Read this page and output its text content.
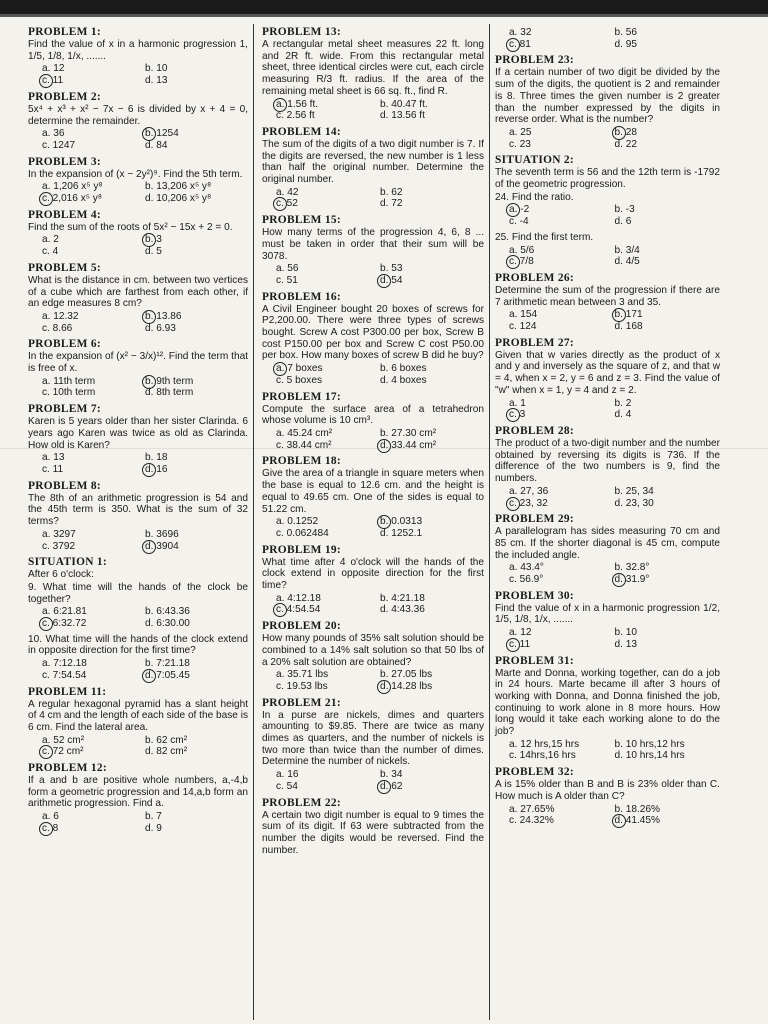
PROBLEM 1:
Find the value of x in a harmonic progression 1, 1/5, 1/8, 1/x, .......
a. 12	b. 10
c. 11	d. 13
PROBLEM 2:
5x⁴ + x³ + x² − 7x − 6 is divided by x + 4 = 0, determine the remainder.
a. 36	b. 1254
c. 1247	d. 84
PROBLEM 3:
In the expansion of (x − 2y²)⁹. Find the 5th term.
a. 1,206 x⁵ y⁸	b. 13,206 x⁵ y⁸
c. 2,016 x⁵ y⁸	d. 10,206 x⁵ y⁸
PROBLEM 4:
Find the sum of the roots of 5x² − 15x + 2 = 0.
a. 2	b. 3
c. 4	d. 5
PROBLEM 5:
What is the distance in cm. between two vertices of a cube which are farthest from each other, if an edge measures 8 cm?
a. 12.32	b. 13.86
c. 8.66	d. 6.93
PROBLEM 6:
In the expansion of (x² − 3/x)¹². Find the term that is free of x.
a. 11th term	b. 9th term
c. 10th term	d. 8th term
PROBLEM 7:
Karen is 5 years older than her sister Clarinda. 6 years ago Karen was twice as old as Clarinda. How old is Karen?
a. 13	b. 18
c. 11	d. 16
PROBLEM 8:
The 8th of an arithmetic progression is 54 and the 45th term is 350. What is the sum of 32 terms?
a. 3297	b. 3696
c. 3792	d. 3904
SITUATION 1:
After 6 o'clock:
9. What time will the hands of the clock be together?
a. 6:21.81	b. 6:43.36
c. 6:32.72	d. 6:30.00
10. What time will the hands of the clock extend in opposite direction for the first time?
a. 7:12.18	b. 7:21.18
c. 7:54.54	d. 7:05.45
PROBLEM 11:
A regular hexagonal pyramid has a slant height of 4 cm and the length of each side of the base is 6 cm. Find the lateral area.
a. 52 cm²	b. 62 cm²
c. 72 cm²	d. 82 cm²
PROBLEM 12:
If a and b are positive whole numbers, a,-4,b form a geometric progression and 14,a,b form an arithmetic progression. Find a.
a. 6	b. 7
c. 8	d. 9
PROBLEM 13:
A rectangular metal sheet measures 22 ft. long and 2R ft. wide. From this rectangular metal sheet, three identical circles were cut, each circle measuring R/3 ft. radius. If the area of the remaining metal sheet is 66 sq. ft., find R.
a. 1.56 ft.	b. 40.47 ft.
c. 2.56 ft	d. 13.56 ft
PROBLEM 14:
The sum of the digits of a two digit number is 7. If the digits are reversed, the new number is 1 less than half the original number. Determine the original number.
a. 42	b. 62
c. 52	d. 72
PROBLEM 15:
How many terms of the progression 4, 6, 8 ... must be taken in order that their sum will be 3078.
a. 56	b. 53
c. 51	d. 54
PROBLEM 16:
A Civil Engineer bought 20 boxes of screws for P2,200.00. There were three types of screws bought. Screw A cost P300.00 per box, Screw B cost P150.00 per box and Screw C cost P50.00 per box. How many boxes of screw B did he buy?
a. 7 boxes	b. 6 boxes
c. 5 boxes	d. 4 boxes
PROBLEM 17:
Compute the surface area of a tetrahedron whose volume is 10 cm³.
a. 45.24 cm²	b. 27.30 cm²
c. 38.44 cm²	d. 33.44 cm²
PROBLEM 18:
Give the area of a triangle in square meters when the base is equal to 12.6 cm. and the height is equal to 49.65 cm. One of the sides is equal to 51.22 cm.
a. 0.1252	b. 0.0313
c. 0.062484	d. 1252.1
PROBLEM 19:
What time after 4 o'clock will the hands of the clock extend in opposite direction for the first time?
a. 4:12.18	b. 4:21.18
c. 4:54.54	d. 4:43.36
PROBLEM 20:
How many pounds of 35% salt solution should be combined to a 14% salt solution so that 50 lbs of a 20% salt solution are obtained?
a. 35.71 lbs	b. 27.05 lbs
c. 19.53 lbs	d. 14.28 lbs
PROBLEM 21:
In a purse are nickels, dimes and quarters amounting to $9.85. There are twice as many dimes as quarters, and the number of nickels is two more than twice than the number of dimes. Determine the number of nickels.
a. 16	b. 34
c. 54	d. 62
PROBLEM 22:
A certain two digit number is equal to 9 times the sum of its digit. If 63 were subtracted from the number the digits would be reversed. Find the number.
a. 32	b. 56
c. 81	d. 95
PROBLEM 23:
If a certain number of two digit be divided by the sum of the digits, the quotient is 2 and remainder is 8. Three times the given number is 2 greater than the number expressed by the digits in reverse order. What is the number?
a. 25	b. 28
c. 23	d. 22
SITUATION 2:
The seventh term is 56 and the 12th term is -1792 of the geometric progression.
24. Find the ratio.
a. -2	b. -3
c. -4	d. 6
25. Find the first term.
a. 5/6	b. 3/4
c. 7/8	d. 4/5
PROBLEM 26:
Determine the sum of the progression if there are 7 arithmetic mean between 3 and 35.
a. 154	b. 171
c. 124	d. 168
PROBLEM 27:
Given that w varies directly as the product of x and y and inversely as the square of z, and that w = 4, when x = 2, y = 6 and z = 3. Find the value of "w" when x = 1, y = 4 and z = 2.
a. 1	b. 2
c. 3	d. 4
PROBLEM 28:
The product of a two-digit number and the number obtained by reversing its digits is 736. If the difference of the two numbers is 9, find the numbers.
a. 27, 36	b. 25, 34
c. 23, 32	d. 23, 30
PROBLEM 29:
A parallelogram has sides measuring 70 cm and 85 cm. If the shorter diagonal is 45 cm, compute the included angle.
a. 43.4°	b. 32.8°
c. 56.9°	d. 31.9°
PROBLEM 30:
Find the value of x in a harmonic progression 1/2, 1/5, 1/8, 1/x, .......
a. 12	b. 10
c. 11	d. 13
PROBLEM 31:
Marte and Donna, working together, can do a job in 24 hours. Marte became ill after 3 hours of working with Donna, and Donna finished the job, continuing to work alone in 8 more hours. How long would it take each working alone to do the job?
a. 12 hrs,15 hrs	b. 10 hrs,12 hrs
c. 14hrs,16 hrs	d. 10 hrs,14 hrs
PROBLEM 32:
A is 15% older than B and B is 23% older than C. How much is A older than C?
a. 27.65%	b. 18.26%
c. 24.32%	d. 41.45%
